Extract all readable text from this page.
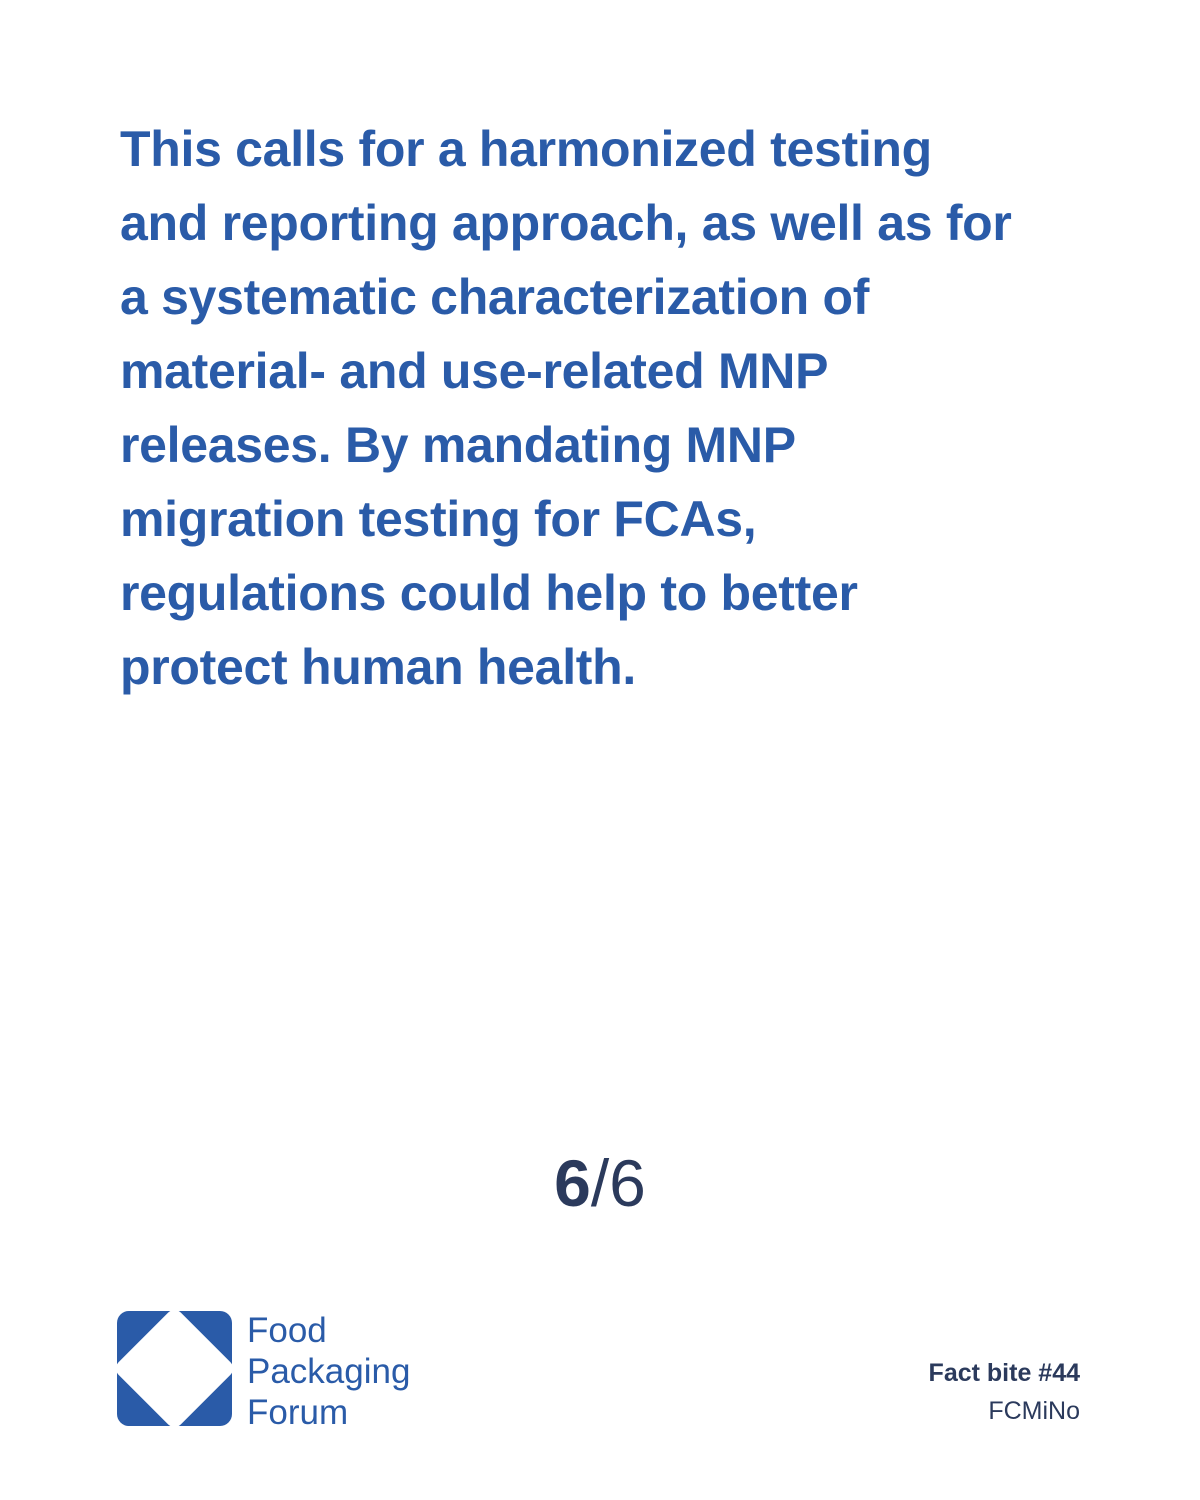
This calls for a harmonized testing
and reporting approach, as well as for
a systematic characterization of
material- and use-related MNP
releases. By mandating MNP
migration testing for FCAs,
regulations could help to better
protect human health.

6/6
Food
Packaging
Forum
Fact bite #44
FCMiNo
